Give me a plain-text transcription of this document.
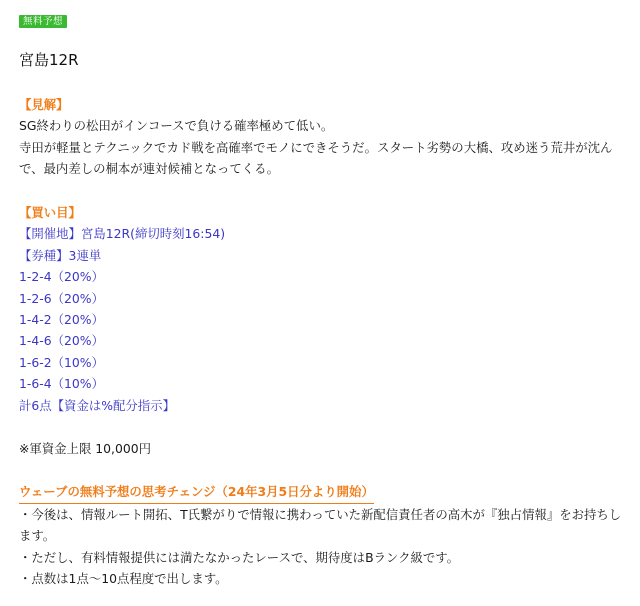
無料予想
宮島12R
【見解】
SG終わりの松田がインコースで負ける確率極めて低い。
寺田が軽量とテクニックでカド戦を高確率でモノにできそうだ。スタート劣勢の大橋、攻め迷う荒井が沈んで、最内差しの桐本が連対候補となってくる。
【買い目】
【開催地】宮島12R(締切時刻16:54)
【券種】3連単
1-2-4（20%）
1-2-6（20%）
1-4-2（20%）
1-4-6（20%）
1-6-2（10%）
1-6-4（10%）
計6点【資金は%配分指示】
※軍資金上限 10,000円
ウェーブの無料予想の思考チェンジ（24年3月5日分より開始）
・今後は、情報ルート開拓、T氏繋がりで情報に携わっていた新配信責任者の高木が『独占情報』をお持ちします。
・ただし、有料情報提供には満たなかったレースで、期待度はBランク級です。
・点数は1点〜10点程度で出します。
